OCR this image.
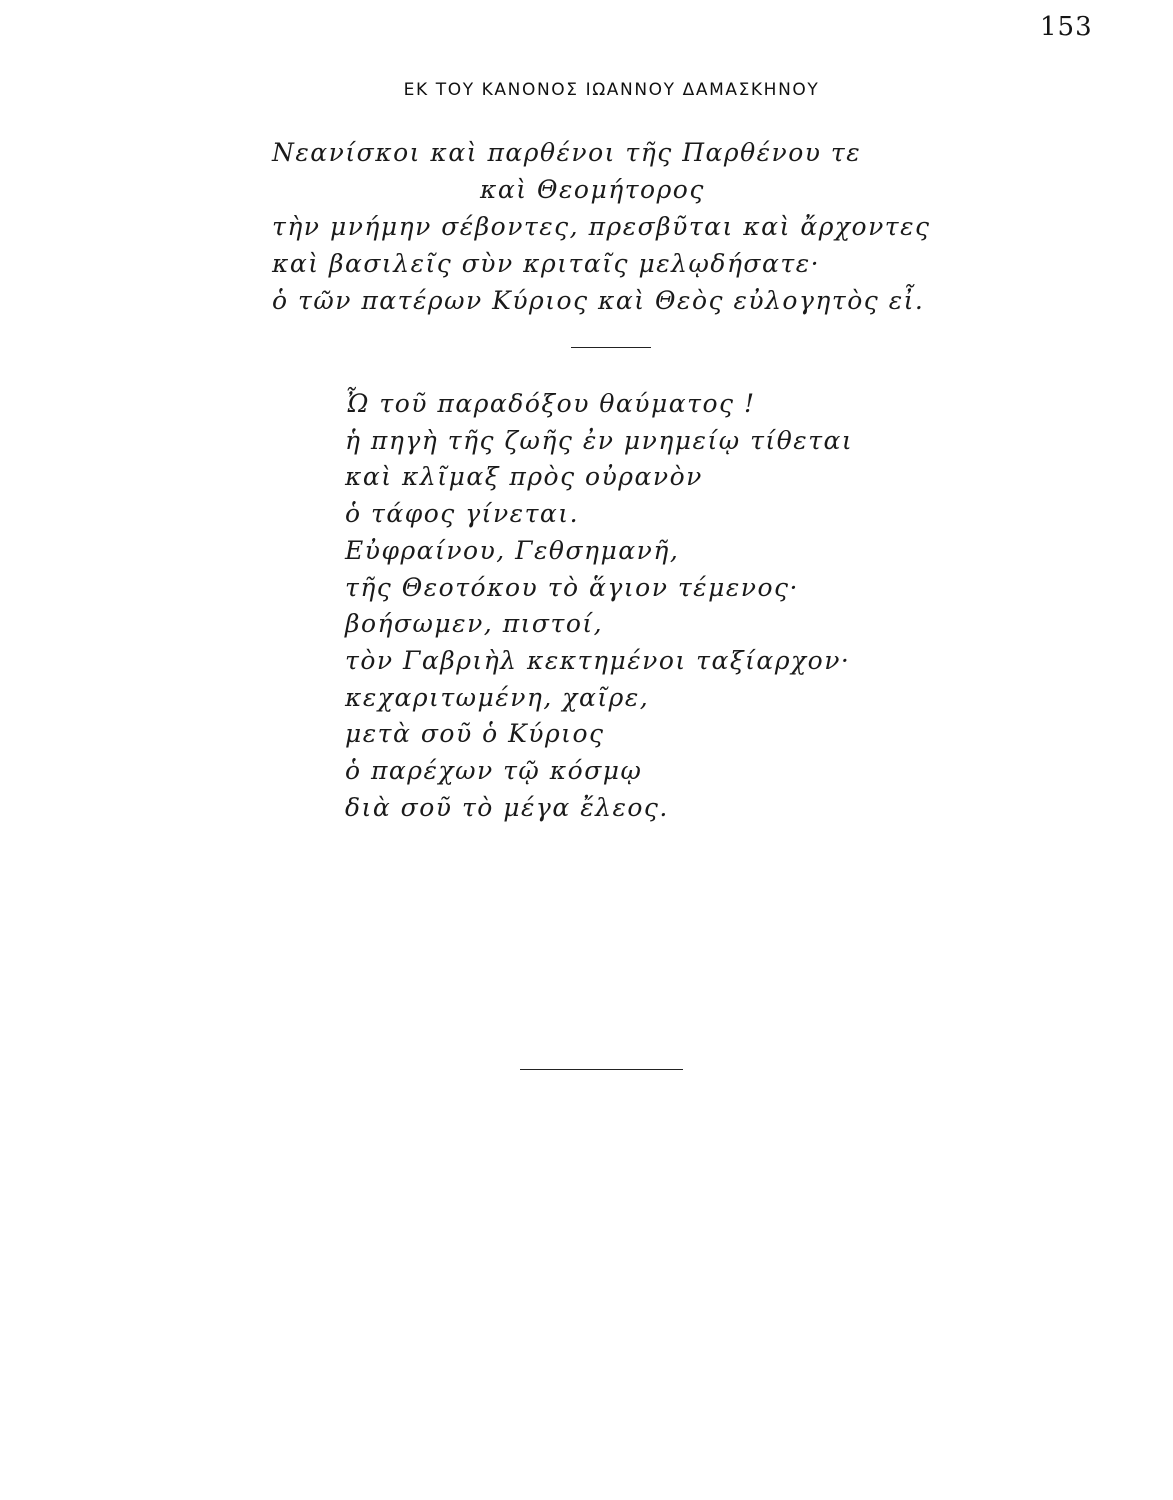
153
ΕΚ ΤΟΥ ΚΑΝΟΝΟΣ ΙΩΑΝΝΟΥ ΔΑΜΑΣΚΗΝΟΥ
Νεανίσκοι καὶ παρθένοι τῆς Παρθένου τε
καὶ Θεομήτορος
τὴν μνήμην σέβοντες, πρεσβῦται καὶ ἄρχοντες
καὶ βασιλεῖς σὺν κριταῖς μελῳδήσατε·
ὁ τῶν πατέρων Κύριος καὶ Θεὸς εὐλογητὸς εἶ.
Ὦ τοῦ παραδόξου θαύματος !
ἡ πηγὴ τῆς ζωῆς ἐν μνημείῳ τίθεται
καὶ κλῖμαξ πρὸς οὐρανὸν
ὁ τάφος γίνεται.
Εὐφραίνου, Γεθσημανῆ,
τῆς Θεοτόκου τὸ ἅγιον τέμενος·
βοήσωμεν, πιστοί,
τὸν Γαβριὴλ κεκτημένοι ταξίαρχον·
κεχαριτωμένη, χαῖρε,
μετὰ σοῦ ὁ Κύριος
ὁ παρέχων τῷ κόσμῳ
διὰ σοῦ τὸ μέγα ἔλεος.
